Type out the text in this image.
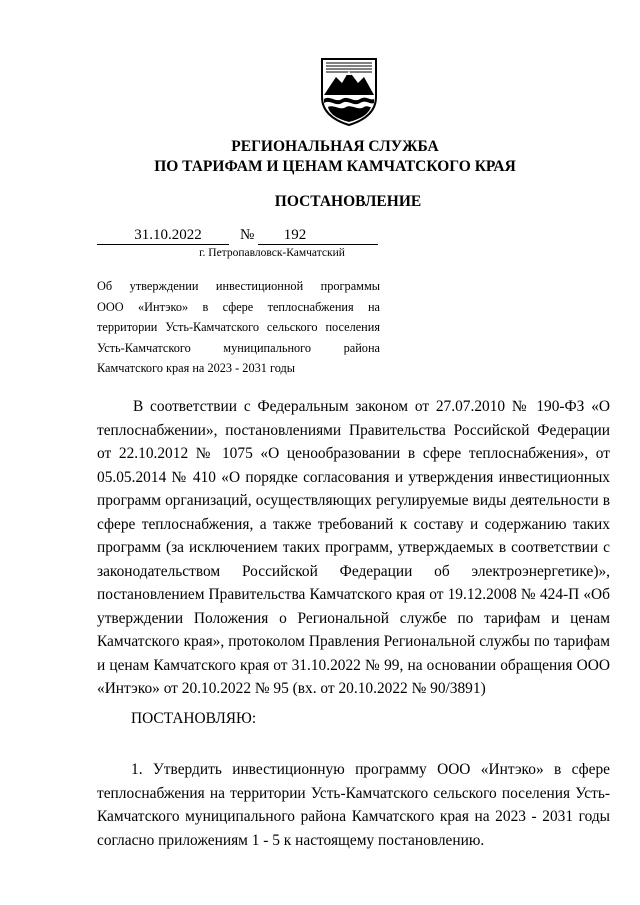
РЕГИОНАЛЬНАЯ СЛУЖБА
ПО ТАРИФАМ И ЦЕНАМ КАМЧАТСКОГО КРАЯ
ПОСТАНОВЛЕНИЕ
31.10.2022	№	192
г. Петропавловск-Камчатский
Об утверждении инвестиционной программы
ООО «Интэко» в сфере теплоснабжения на
территории Усть-Камчатского сельского поселения
Усть-Камчатского муниципального района
Камчатского края на 2023 - 2031 годы
В соответствии с Федеральным законом от 27.07.2010 № 190-ФЗ «О теплоснабжении», постановлениями Правительства Российской Федерации от 22.10.2012 № 1075 «О ценообразовании в сфере теплоснабжения», от 05.05.2014 № 410 «О порядке согласования и утверждения инвестиционных программ организаций, осуществляющих регулируемые виды деятельности в сфере теплоснабжения, а также требований к составу и содержанию таких программ (за исключением таких программ, утверждаемых в соответствии с законодательством Российской Федерации об электроэнергетике)», постановлением Правительства Камчатского края от 19.12.2008 № 424-П «Об утверждении Положения о Региональной службе по тарифам и ценам Камчатского края», протоколом Правления Региональной службы по тарифам и ценам Камчатского края от 31.10.2022 № 99, на основании обращения ООО «Интэко» от 20.10.2022 № 95 (вх. от 20.10.2022 № 90/3891)
ПОСТАНОВЛЯЮ:
1. Утвердить инвестиционную программу ООО «Интэко» в сфере теплоснабжения на территории Усть-Камчатского сельского поселения Усть-Камчатского муниципального района Камчатского края на 2023 - 2031 годы согласно приложениям 1 - 5 к настоящему постановлению.
